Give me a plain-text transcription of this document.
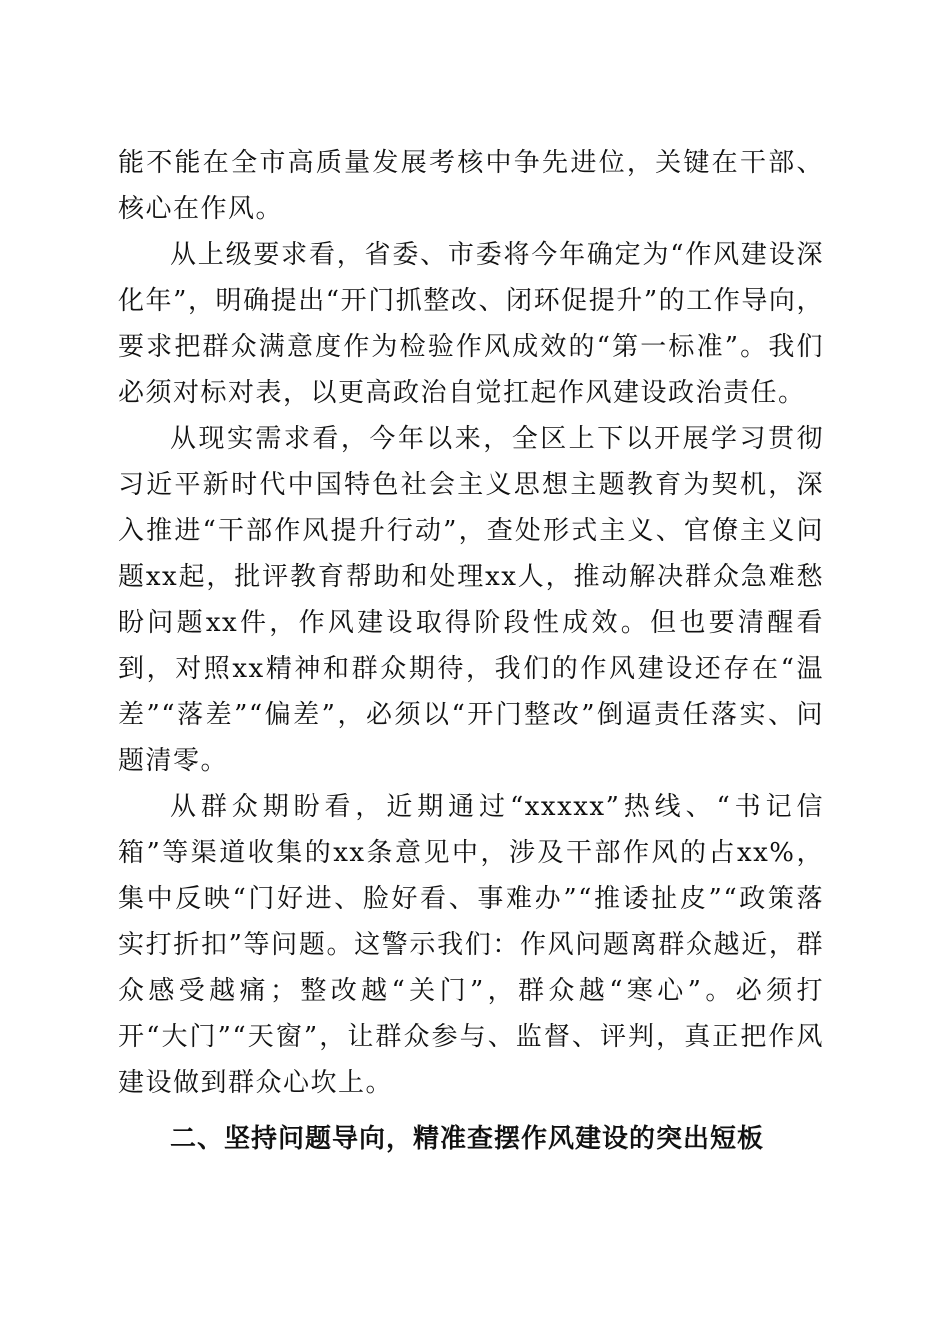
能不能在全市高质量发展考核中争先进位，关键在干部、核心在作风。

从上级要求看，省委、市委将今年确定为“作风建设深化年”，明确提出“开门抓整改、闭环促提升”的工作导向，要求把群众满意度作为检验作风成效的“第一标准”。我们必须对标对表，以更高政治自觉扛起作风建设政治责任。

从现实需求看，今年以来，全区上下以开展学习贯彻习近平新时代中国特色社会主义思想主题教育为契机，深入推进“干部作风提升行动”，查处形式主义、官僚主义问题xx起，批评教育帮助和处理xx人，推动解决群众急难愁盼问题xx件，作风建设取得阶段性成效。但也要清醒看到，对照xx精神和群众期待，我们的作风建设还存在“温差”“落差”“偏差”，必须以“开门整改”倒逼责任落实、问题清零。

从群众期盼看，近期通过“xxxxx”热线、“书记信箱”等渠道收集的xx条意见中，涉及干部作风的占xx%，集中反映“门好进、脸好看、事难办”“推诿扯皮”“政策落实打折扣”等问题。这警示我们：作风问题离群众越近，群众感受越痛；整改越“关门”，群众越“寒心”。必须打开“大门”“天窗”，让群众参与、监督、评判，真正把作风建设做到群众心坎上。

二、坚持问题导向，精准查摆作风建设的突出短板
